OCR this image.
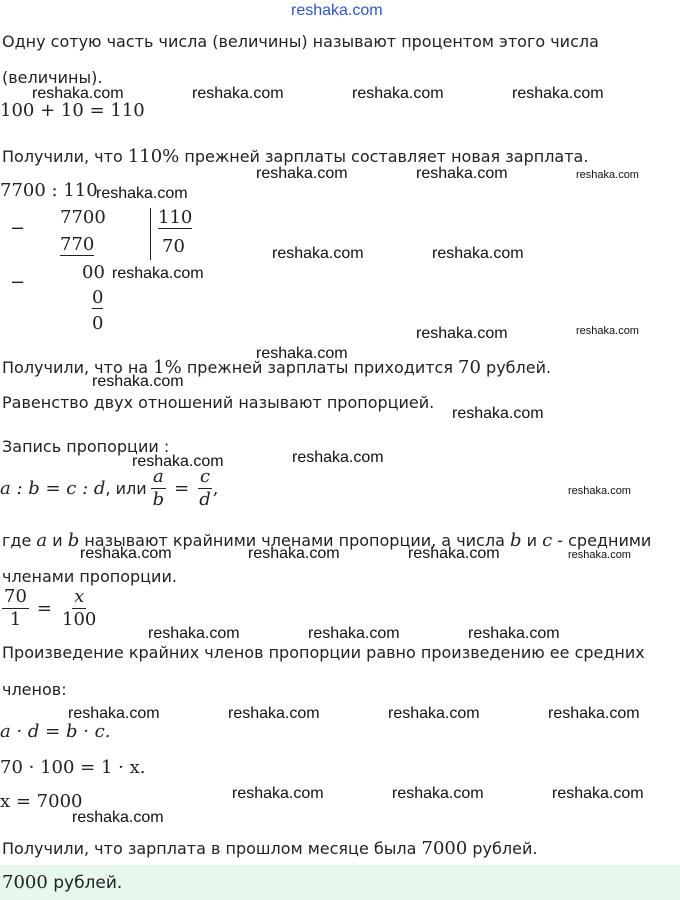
reshaka.com
Одну сотую часть числа (величины) называют процентом этого числа
(величины).
100 + 10 = 110
Получили, что 110% прежней зарплаты составляет новая зарплата.
7700 : 110
−
7700
770
110
70
00
−
0
0
Получили, что на 1% прежней зарплаты приходится 70 рублей.
Равенство двух отношений называют пропорцией.
Запись пропорции :
a : b = c : d , или $\frac{a}{b} = \frac{c}{d}$ ,
где a и b называют крайними членами пропорции, а числа b и c - средними
членами пропорции.
$\frac{70}{1} = \frac{x}{100}$
Произведение крайних членов пропорции равно произведению ее средних
членов:
a · d = b · c.
70 · 100 = 1 · x.
x = 7000
Получили, что зарплата в прошлом месяце была 7000 рублей.
7000 рублей.
reshaka.com	reshaka.com	reshaka.com	reshaka.com
reshaka.com	reshaka.com	reshaka.com
reshaka.com
reshaka.com	reshaka.com
reshaka.com
reshaka.com	reshaka.com
reshaka.com
reshaka.com
reshaka.com
reshaka.com
reshaka.com
reshaka.com
reshaka.com	reshaka.com	reshaka.com	reshaka.com
reshaka.com	reshaka.com	reshaka.com
reshaka.com	reshaka.com	reshaka.com	reshaka.com
reshaka.com	reshaka.com	reshaka.com
reshaka.com
